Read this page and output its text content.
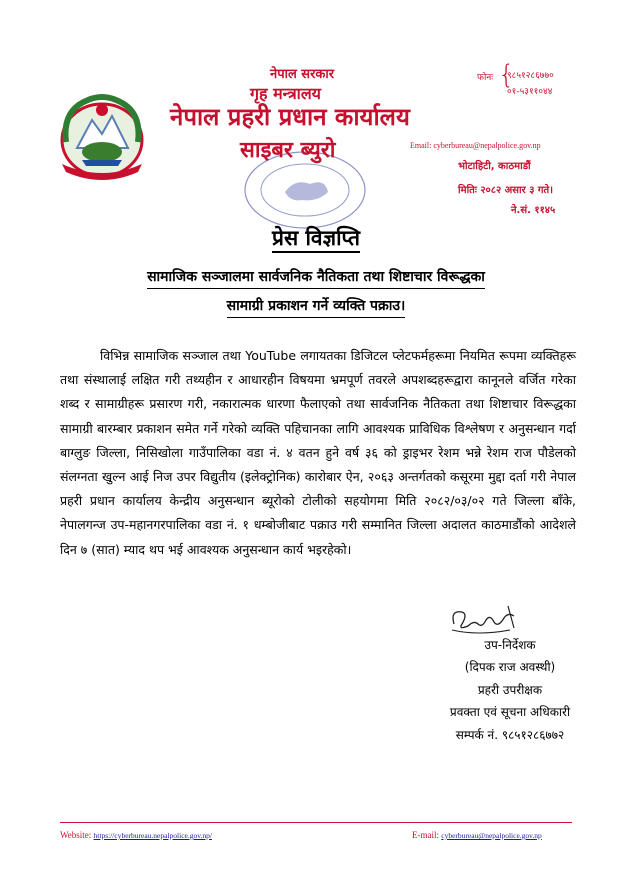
नेपाल सरकार
गृह मन्त्रालय
नेपाल प्रहरी प्रधान कार्यालय
साइबर ब्युरो
फोनः {
९८५१२८६७७०
०१-५३११०४४
Email: cyberbureau@nepalpolice.gov.np
भोटाहिटी, काठमाडौं
मितिः २०८२ असार ३ गते।
ने.सं. ११४५
प्रेस विज्ञप्ति
सामाजिक सञ्जालमा सार्वजनिक नैतिकता तथा शिष्टाचार विरूद्धका
सामाग्री प्रकाशन गर्ने व्यक्ति पक्राउ।
विभिन्न सामाजिक सञ्जाल तथा YouTube लगायतका डिजिटल प्लेटफर्महरूमा नियमित रूपमा व्यक्तिहरू तथा संस्थालाई लक्षित गरी तथ्यहीन र आधारहीन विषयमा भ्रमपूर्ण तवरले अपशब्दहरूद्वारा कानूनले वर्जित गरेका शब्द र सामाग्रीहरू प्रसारण गरी, नकारात्मक धारणा फैलाएको तथा सार्वजनिक नैतिकता तथा शिष्टाचार विरूद्धका सामाग्री बारम्बार प्रकाशन समेत गर्ने गरेको व्यक्ति पहिचानका लागि आवश्यक प्राविधिक विश्लेषण र अनुसन्धान गर्दा बाग्लुङ जिल्ला, निसिखोला गाउँपालिका वडा नं. ४ वतन हुने वर्ष ३६ को ड्राइभर रेशम भन्ने रेशम राज पौडेलको संलग्नता खुल्न आई निज उपर विद्युतीय (इलेक्ट्रोनिक) कारोबार ऐन, २०६३ अन्तर्गतको कसूरमा मुद्दा दर्ता गरी नेपाल प्रहरी प्रधान कार्यालय केन्द्रीय अनुसन्धान ब्यूरोको टोलीको सहयोगमा मिति २०८२/०३/०२ गते जिल्ला बाँके, नेपालगन्ज उप-महानगरपालिका वडा नं. १ धम्बोजीबाट पक्राउ गरी सम्मानित जिल्ला अदालत काठमाडौंको आदेशले दिन ७ (सात) म्याद थप भई आवश्यक अनुसन्धान कार्य भइरहेको।
उप-निर्देशक
(दिपक राज अवस्थी)
प्रहरी उपरीक्षक
प्रवक्ता एवं सूचना अधिकारी
सम्पर्क नं. ९८५१२८६७७२
Website: https://cyberbureau.nepalpolice.gov.np/	E-mail: cyberbureau@nepalpolice.gov.np
